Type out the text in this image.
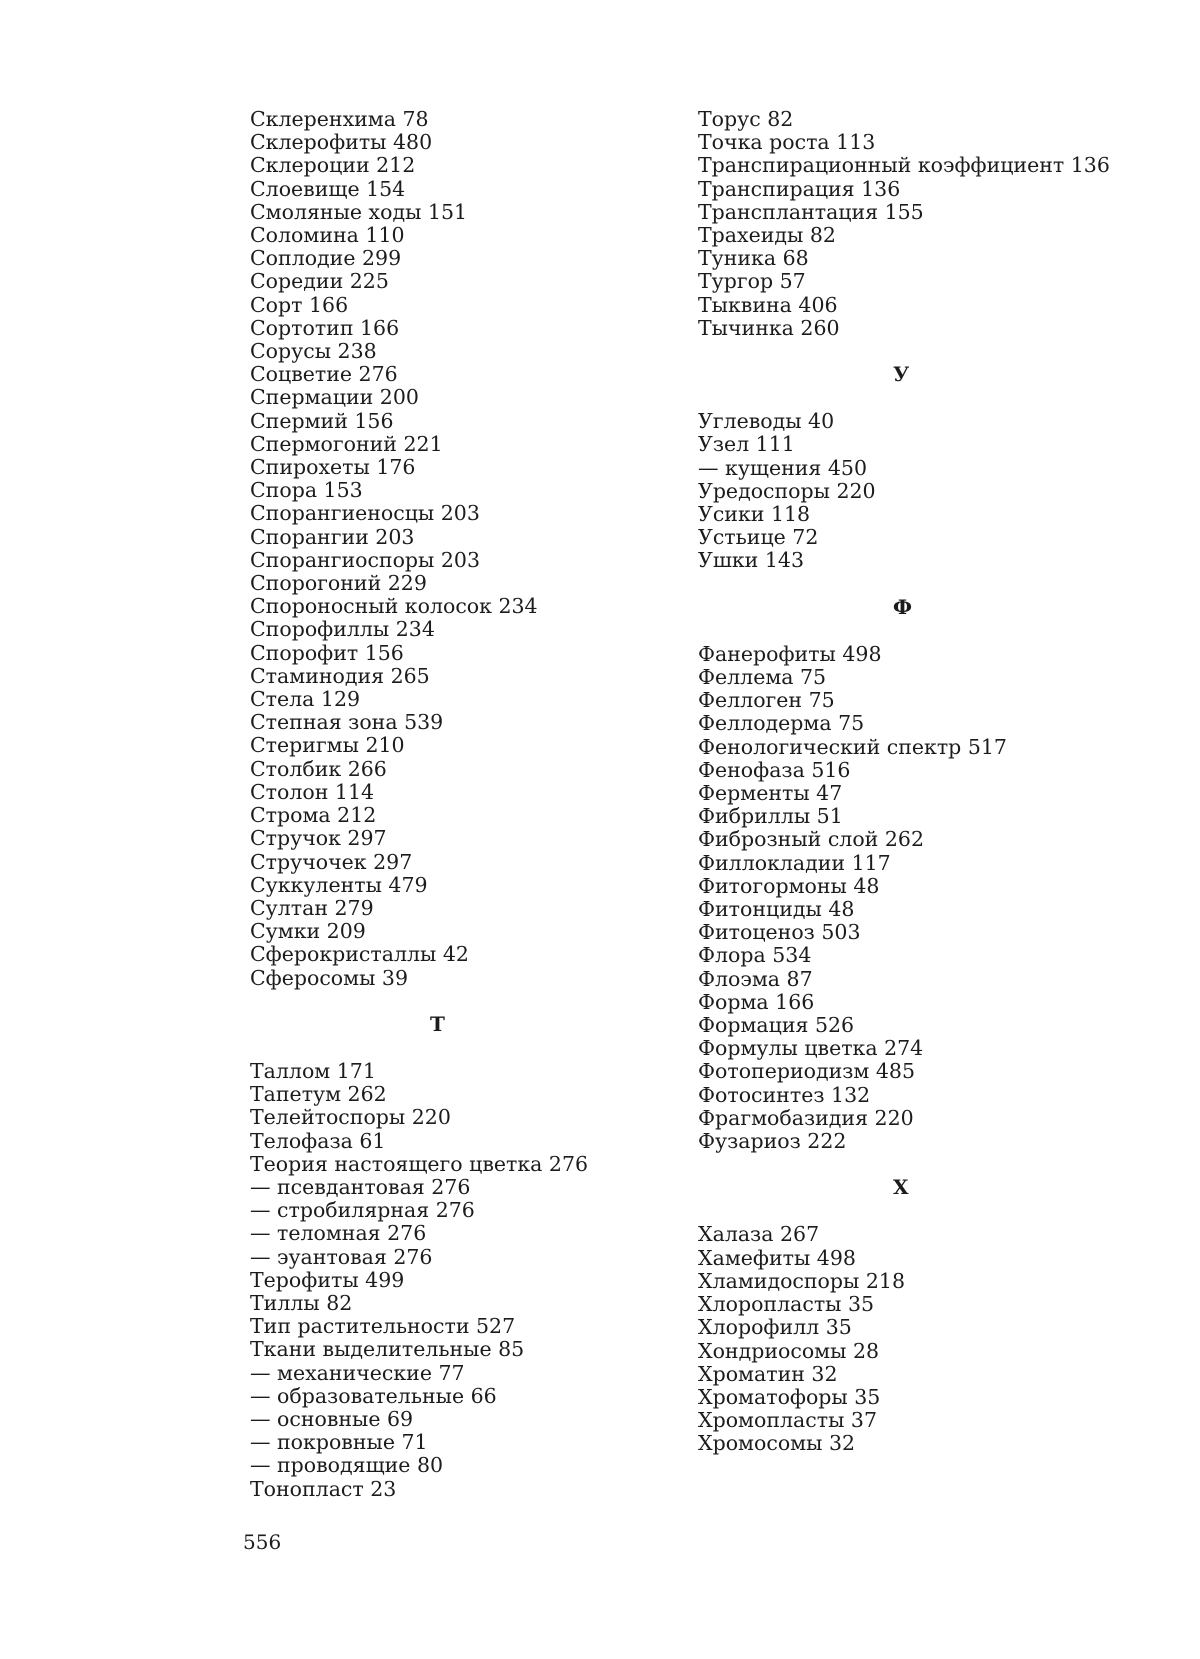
Склеренхима 78
Склерофиты 480
Склероции 212
Слоевище 154
Смоляные ходы 151
Соломина 110
Соплодие 299
Соредии 225
Сорт 166
Сортотип 166
Сорусы 238
Соцветие 276
Спермации 200
Спермий 156
Спермогоний 221
Спирохеты 176
Спора 153
Спорангиеносцы 203
Спорангии 203
Спорангиоспоры 203
Спорогоний 229
Спороносный колосок 234
Спорофиллы 234
Спорофит 156
Стаминодия 265
Стела 129
Степная зона 539
Стеригмы 210
Столбик 266
Столон 114
Строма 212
Стручок 297
Стручочек 297
Суккуленты 479
Султан 279
Сумки 209
Сферокристаллы 42
Сферосомы 39
Т
Таллом 171
Тапетум 262
Телейтоспоры 220
Телофаза 61
Теория настоящего цветка 276
— псевдантовая 276
— стробилярная 276
— теломная 276
— эуантовая 276
Терофиты 499
Тиллы 82
Тип растительности 527
Ткани выделительные 85
— механические 77
— образовательные 66
— основные 69
— покровные 71
— проводящие 80
Тонопласт 23
Торус 82
Точка роста 113
Транспирационный коэффициент 136
Транспирация 136
Трансплантация 155
Трахеиды 82
Туника 68
Тургор 57
Тыквина 406
Тычинка 260
У
Углеводы 40
Узел 111
— кущения 450
Уредоспоры 220
Усики 118
Устьице 72
Ушки 143
Ф
Фанерофиты 498
Феллема 75
Феллоген 75
Феллодерма 75
Фенологический спектр 517
Фенофаза 516
Ферменты 47
Фибриллы 51
Фиброзный слой 262
Филлокладии 117
Фитогормоны 48
Фитонциды 48
Фитоценоз 503
Флора 534
Флоэма 87
Форма 166
Формация 526
Формулы цветка 274
Фотопериодизм 485
Фотосинтез 132
Фрагмобазидия 220
Фузариоз 222
Х
Халаза 267
Хамефиты 498
Хламидоспоры 218
Хлоропласты 35
Хлорофилл 35
Хондриосомы 28
Хроматин 32
Хроматофоры 35
Хромопласты 37
Хромосомы 32
556
